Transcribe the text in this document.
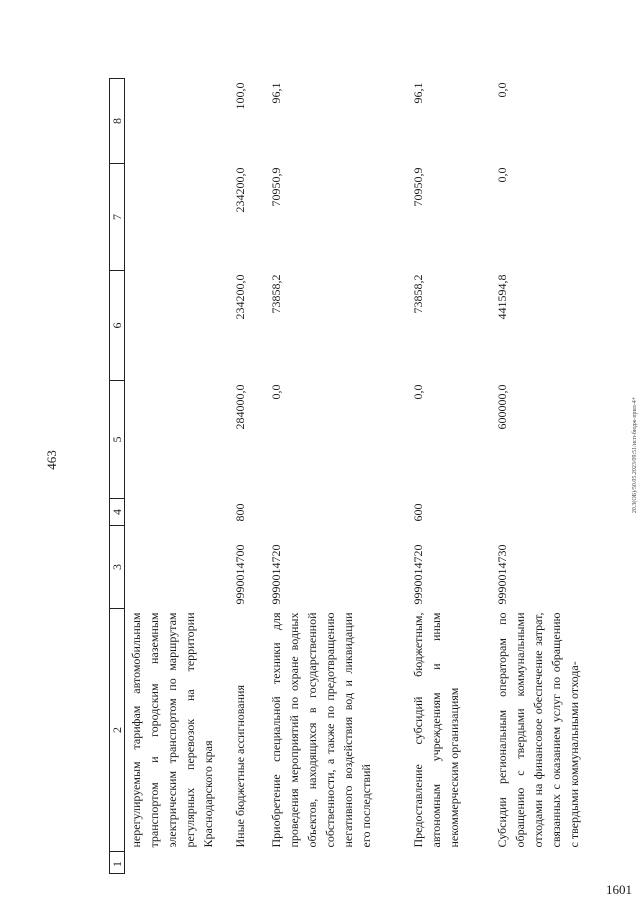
463	20.3(ОБ)/50.05.2023/09:51/исп-бюдж-прил-4+
1601
1	2	3	4	5	6	7	8
	нерегулируемым тарифам автомобильным транспортом и городским наземным электрическим транспортом по маршрутам регулярных перевозок на территории Краснодарского края						
	Иные бюджетные ассигнования	9990014700	800	284000,0	234200,0	234200,0	100,0
	Приобретение специальной техники для проведения мероприятий по охране водных объектов, находящихся в государственной собственности, а также по предотвращению негативного воздействия вод и ликвидации его последствий	9990014720		0,0	73858,2	70950,9	96,1
	Предоставление субсидий бюджетным, автономным учреждениям и иным некоммерческим организациям	9990014720	600	0,0	73858,2	70950,9	96,1
	Субсидии региональным операторам по обращению с твердыми коммунальными отходами на финансовое обеспечение затрат, связанных с оказанием услуг по обращению с твердыми коммунальными отхода-	9990014730		600000,0	441594,8	0,0	0,0
